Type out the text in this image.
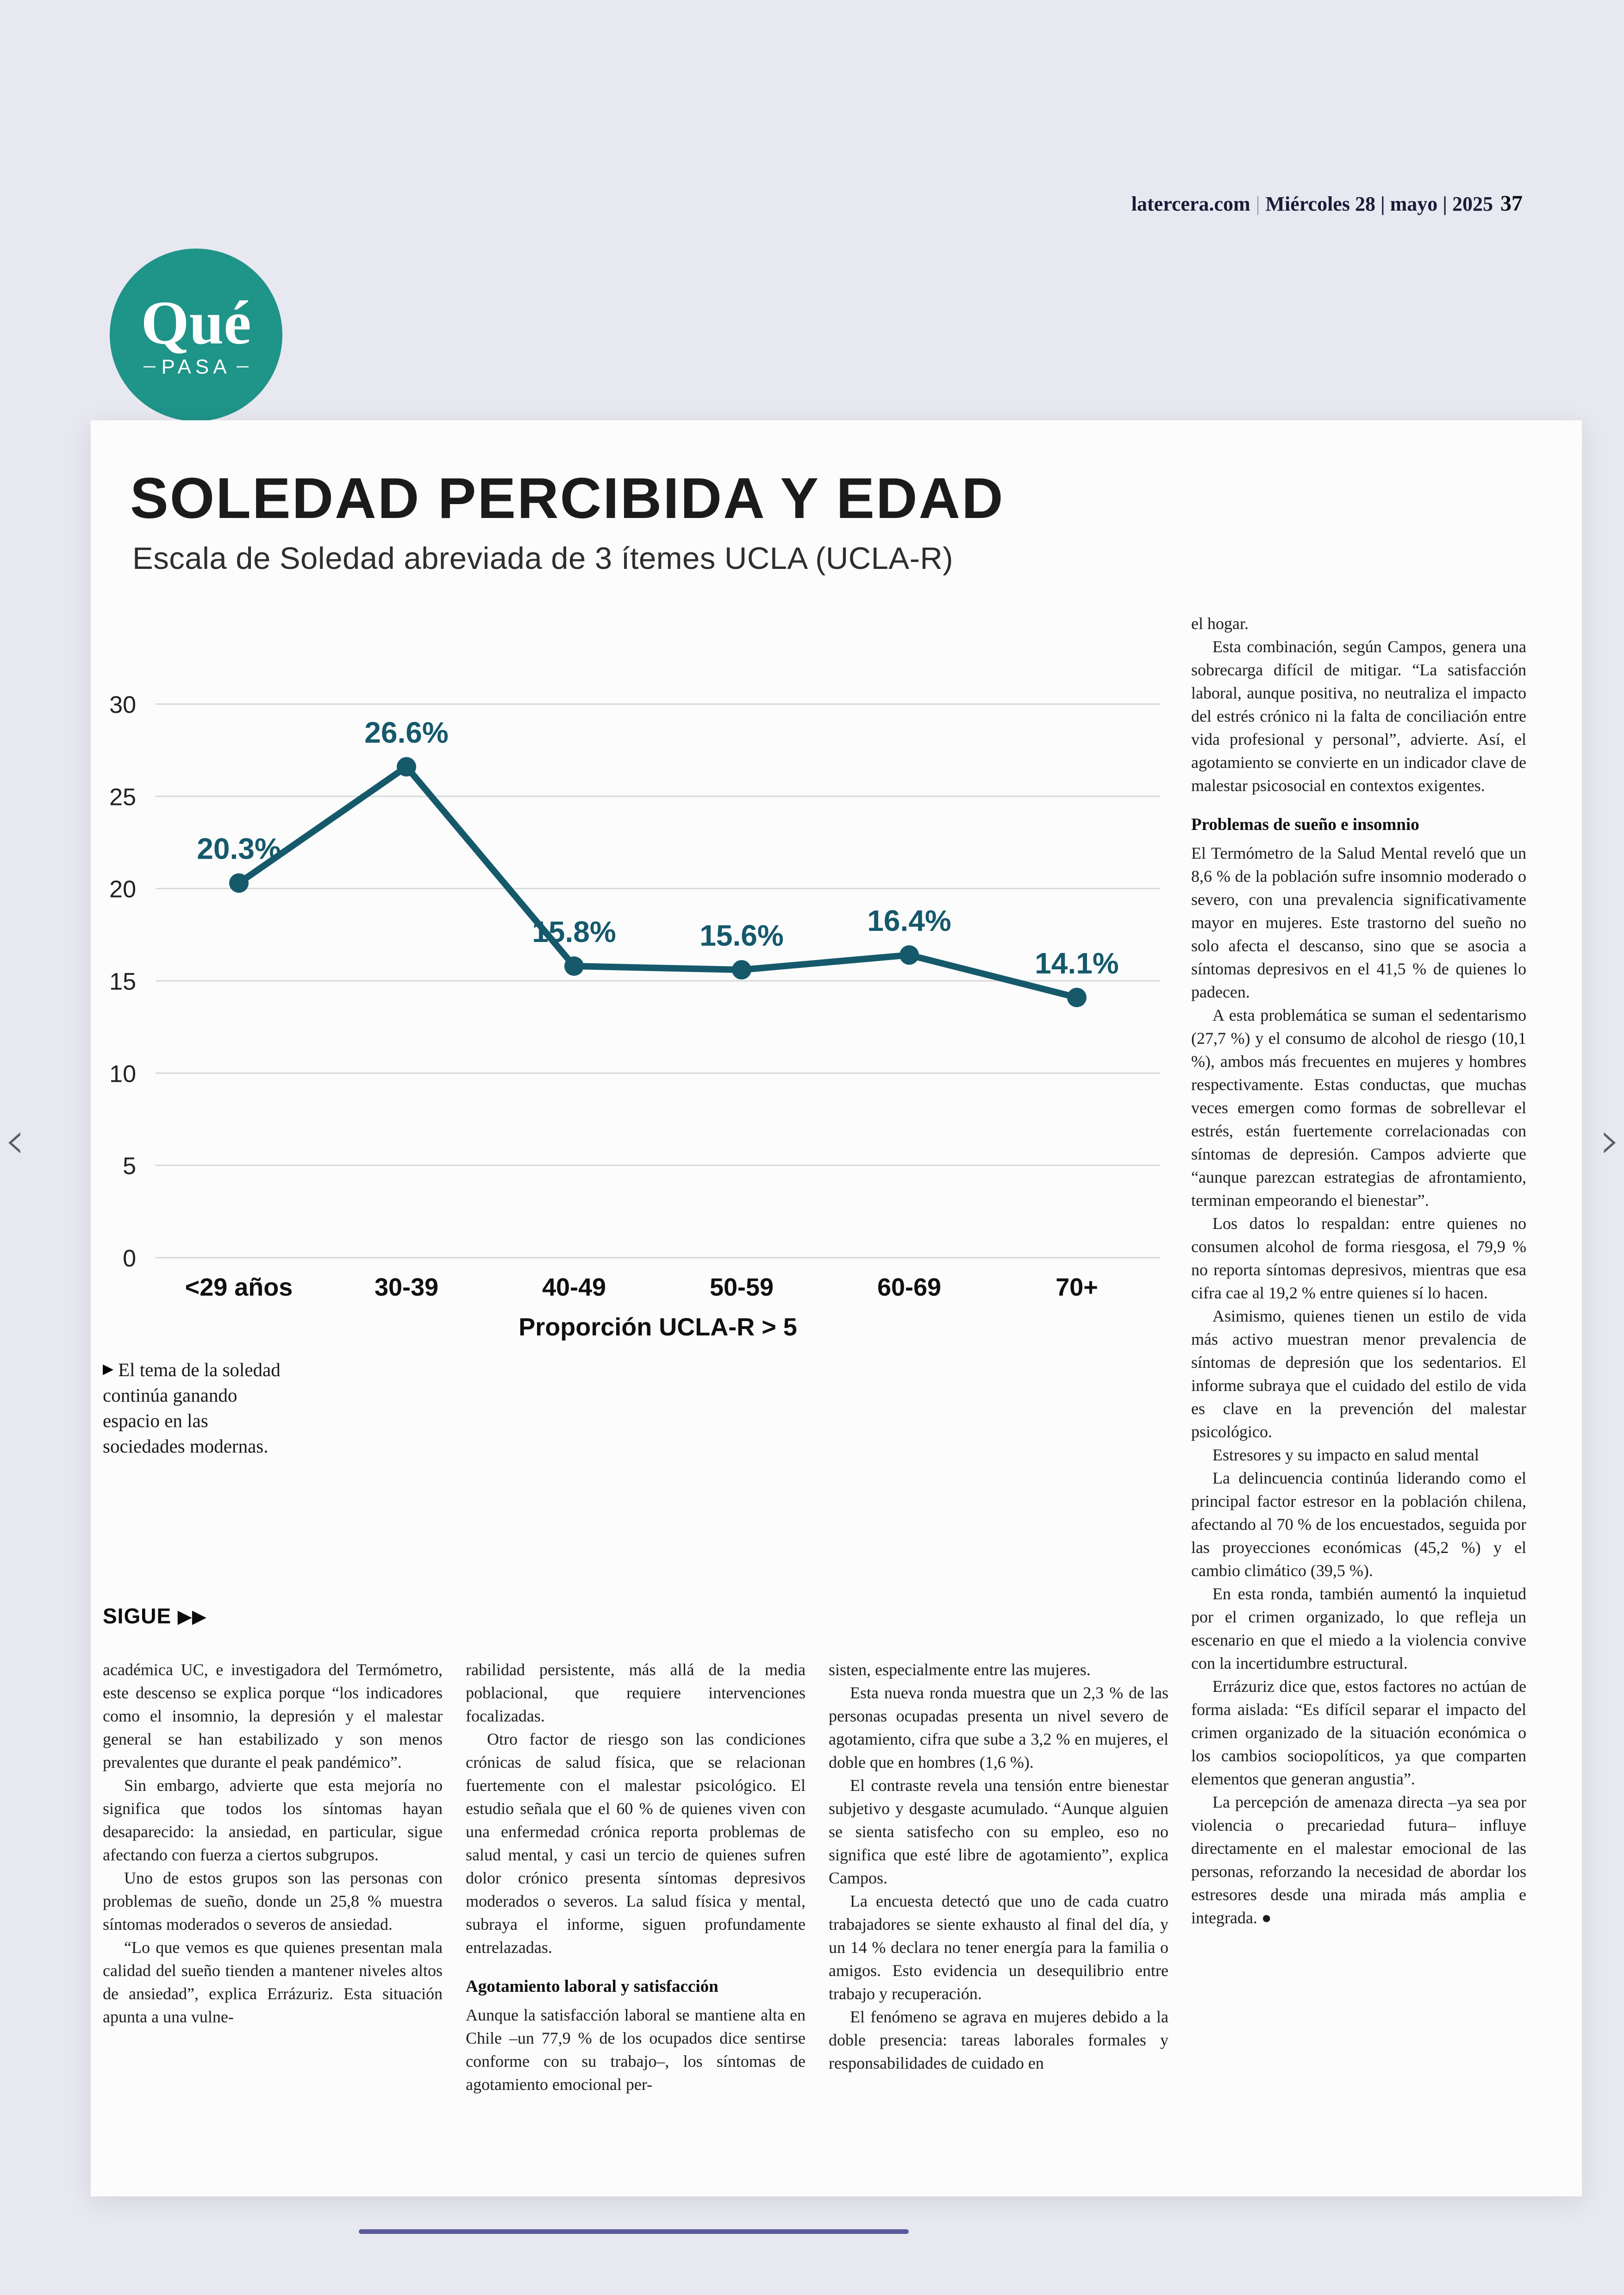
latercera.com | Miércoles 28 | mayo | 2025 37
Qué
PASA
‹	›
SOLEDAD PERCIBIDA Y EDAD
Escala de Soledad abreviada de 3 ítemes UCLA (UCLA-R)
0
5
10
15
20
25
30
20.3%
<29 años
26.6%
30-39
15.8%
40-49
15.6%
50-59
16.4%
60-69
14.1%
70+
Proporción UCLA-R > 5

▶ El tema de la soledad continúa ganando espacio en las sociedades modernas.

SIGUE ▶▶

académica UC, e investigadora del Termómetro, este descenso se explica porque “los indicadores como el insomnio, la depresión y el malestar general se han estabilizado y son menos prevalentes que durante el peak pandémico”.

Sin embargo, advierte que esta mejoría no significa que todos los síntomas hayan desaparecido: la ansiedad, en particular, sigue afectando con fuerza a ciertos subgrupos.

Uno de estos grupos son las personas con problemas de sueño, donde un 25,8 % muestra síntomas moderados o severos de ansiedad.

“Lo que vemos es que quienes presentan mala calidad del sueño tienden a mantener niveles altos de ansiedad”, explica Errázuriz. Esta situación apunta a una vulne-

rabilidad persistente, más allá de la media poblacional, que requiere intervenciones focalizadas.

Otro factor de riesgo son las condiciones crónicas de salud física, que se relacionan fuertemente con el malestar psicológico. El estudio señala que el 60 % de quienes viven con una enfermedad crónica reporta problemas de salud mental, y casi un tercio de quienes sufren dolor crónico presenta síntomas depresivos moderados o severos. La salud física y mental, subraya el informe, siguen profundamente entrelazadas.

Agotamiento laboral y satisfacción

Aunque la satisfacción laboral se mantiene alta en Chile –un 77,9 % de los ocupados dice sentirse conforme con su trabajo–, los síntomas de agotamiento emocional per-

sisten, especialmente entre las mujeres.

Esta nueva ronda muestra que un 2,3 % de las personas ocupadas presenta un nivel severo de agotamiento, cifra que sube a 3,2 % en mujeres, el doble que en hombres (1,6 %).

El contraste revela una tensión entre bienestar subjetivo y desgaste acumulado. “Aunque alguien se sienta satisfecho con su empleo, eso no significa que esté libre de agotamiento”, explica Campos.

La encuesta detectó que uno de cada cuatro trabajadores se siente exhausto al final del día, y un 14 % declara no tener energía para la familia o amigos. Esto evidencia un desequilibrio entre trabajo y recuperación.

El fenómeno se agrava en mujeres debido a la doble presencia: tareas laborales formales y responsabilidades de cuidado en

el hogar.

Esta combinación, según Campos, genera una sobrecarga difícil de mitigar. “La satisfacción laboral, aunque positiva, no neutraliza el impacto del estrés crónico ni la falta de conciliación entre vida profesional y personal”, advierte. Así, el agotamiento se convierte en un indicador clave de malestar psicosocial en contextos exigentes.

Problemas de sueño e insomnio

El Termómetro de la Salud Mental reveló que un 8,6 % de la población sufre insomnio moderado o severo, con una prevalencia significativamente mayor en mujeres. Este trastorno del sueño no solo afecta el descanso, sino que se asocia a síntomas depresivos en el 41,5 % de quienes lo padecen.

A esta problemática se suman el sedentarismo (27,7 %) y el consumo de alcohol de riesgo (10,1 %), ambos más frecuentes en mujeres y hombres respectivamente. Estas conductas, que muchas veces emergen como formas de sobrellevar el estrés, están fuertemente correlacionadas con síntomas de depresión. Campos advierte que “aunque parezcan estrategias de afrontamiento, terminan empeorando el bienestar”.

Los datos lo respaldan: entre quienes no consumen alcohol de forma riesgosa, el 79,9 % no reporta síntomas depresivos, mientras que esa cifra cae al 19,2 % entre quienes sí lo hacen.

Asimismo, quienes tienen un estilo de vida más activo muestran menor prevalencia de síntomas de depresión que los sedentarios. El informe subraya que el cuidado del estilo de vida es clave en la prevención del malestar psicológico.

Estresores y su impacto en salud mental

La delincuencia continúa liderando como el principal factor estresor en la población chilena, afectando al 70 % de los encuestados, seguida por las proyecciones económicas (45,2 %) y el cambio climático (39,5 %).

En esta ronda, también aumentó la inquietud por el crimen organizado, lo que refleja un escenario en que el miedo a la violencia convive con la incertidumbre estructural.

Errázuriz dice que, estos factores no actúan de forma aislada: “Es difícil separar el impacto del crimen organizado de la situación económica o los cambios sociopolíticos, ya que comparten elementos que generan angustia”.

La percepción de amenaza directa –ya sea por violencia o precariedad futura– influye directamente en el malestar emocional de las personas, reforzando la necesidad de abordar los estresores desde una mirada más amplia e integrada. ●
